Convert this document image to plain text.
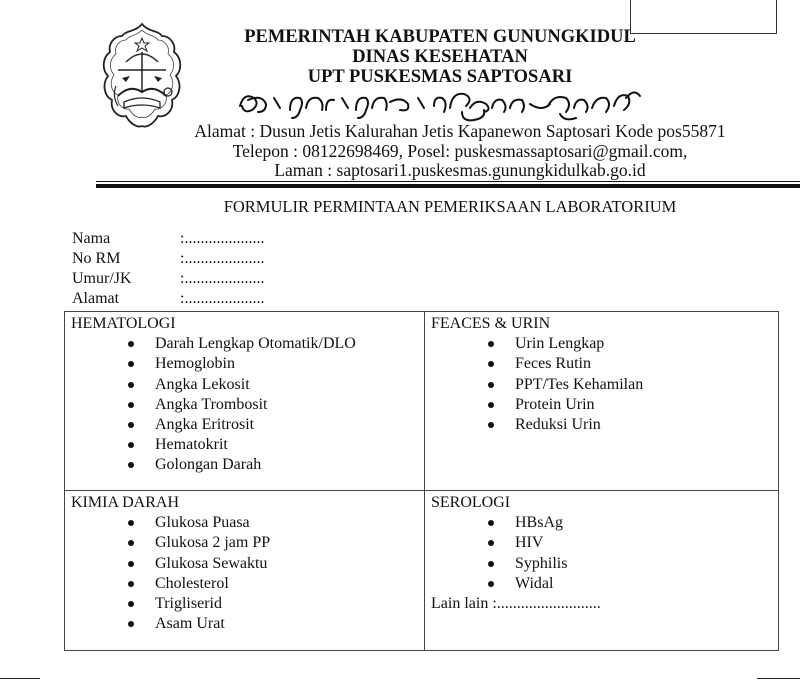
PEMERINTAH KABUPATEN GUNUNGKIDUL
DINAS KESEHATAN
UPT PUSKESMAS SAPTOSARI
Alamat : Dusun Jetis Kalurahan Jetis Kapanewon Saptosari Kode pos55871
Telepon : 08122698469, Posel: puskesmassaptosari@gmail.com,
Laman : saptosari1.puskesmas.gunungkidulkab.go.id
FORMULIR PERMINTAAN PEMERIKSAAN LABORATORIUM
Nama	:....................
No RM	:....................
Umur/JK	:....................
Alamat	:....................
HEMATOLOGI
Darah Lengkap Otomatik/DLO
Hemoglobin
Angka Lekosit
Angka Trombosit
Angka Eritrosit
Hematokrit
Golongan Darah

FEACES & URIN
Urin Lengkap
Feces Rutin
PPT/Tes Kehamilan
Protein Urin
Reduksi Urin

KIMIA DARAH
Glukosa Puasa
Glukosa 2 jam PP
Glukosa Sewaktu
Cholesterol
Trigliserid
Asam Urat

SEROLOGI
HBsAg
HIV
Syphilis
Widal
Lain lain :..........................
